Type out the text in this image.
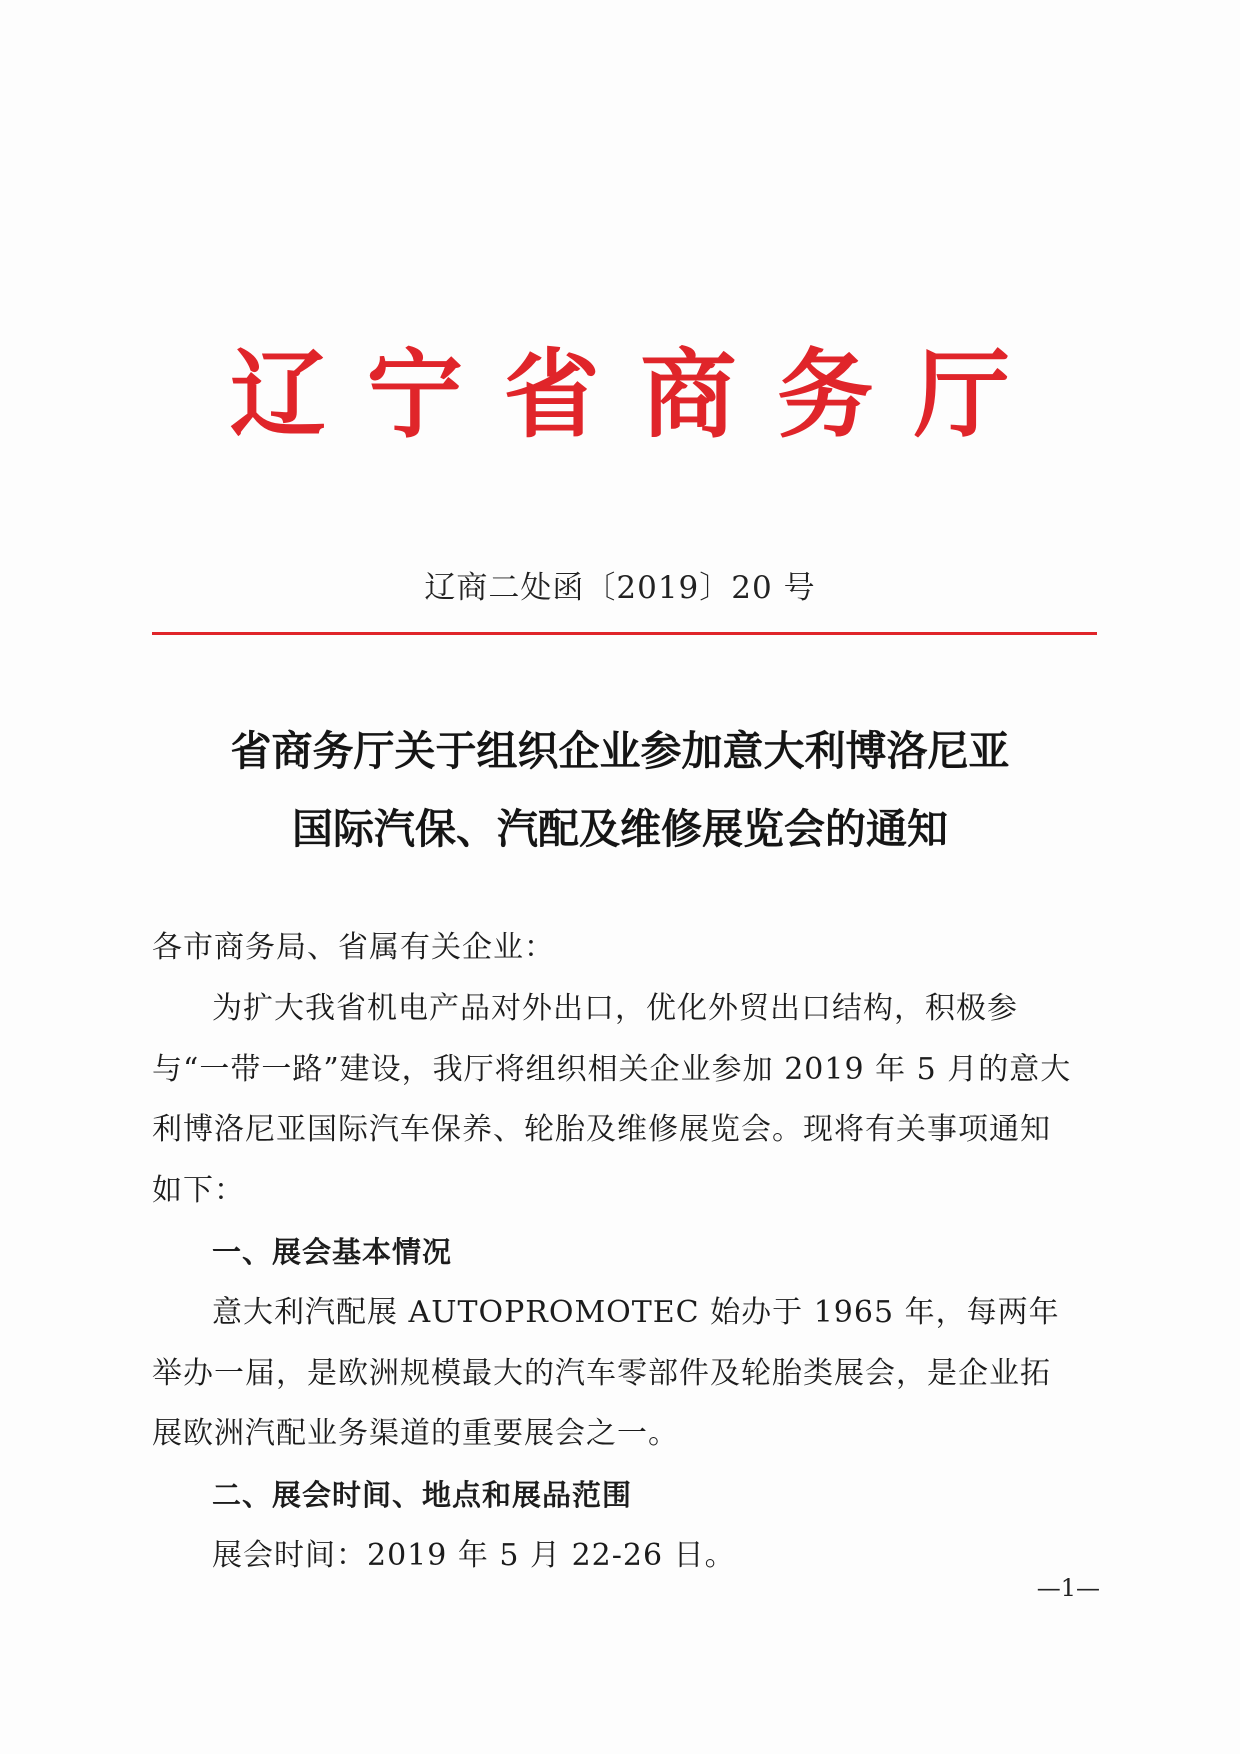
辽 宁 省 商 务 厅

辽商二处函〔2019〕20 号

省商务厅关于组织企业参加意大利博洛尼亚
国际汽保、汽配及维修展览会的通知

各市商务局、省属有关企业：

为扩大我省机电产品对外出口，优化外贸出口结构，积极参与“一带一路”建设，我厅将组织相关企业参加 2019 年 5 月的意大利博洛尼亚国际汽车保养、轮胎及维修展览会。现将有关事项通知如下：

一、展会基本情况

意大利汽配展 AUTOPROMOTEC 始办于 1965 年，每两年举办一届，是欧洲规模最大的汽车零部件及轮胎类展会，是企业拓展欧洲汽配业务渠道的重要展会之一。

二、展会时间、地点和展品范围

展会时间：2019 年 5 月 22-26 日。

—1—
